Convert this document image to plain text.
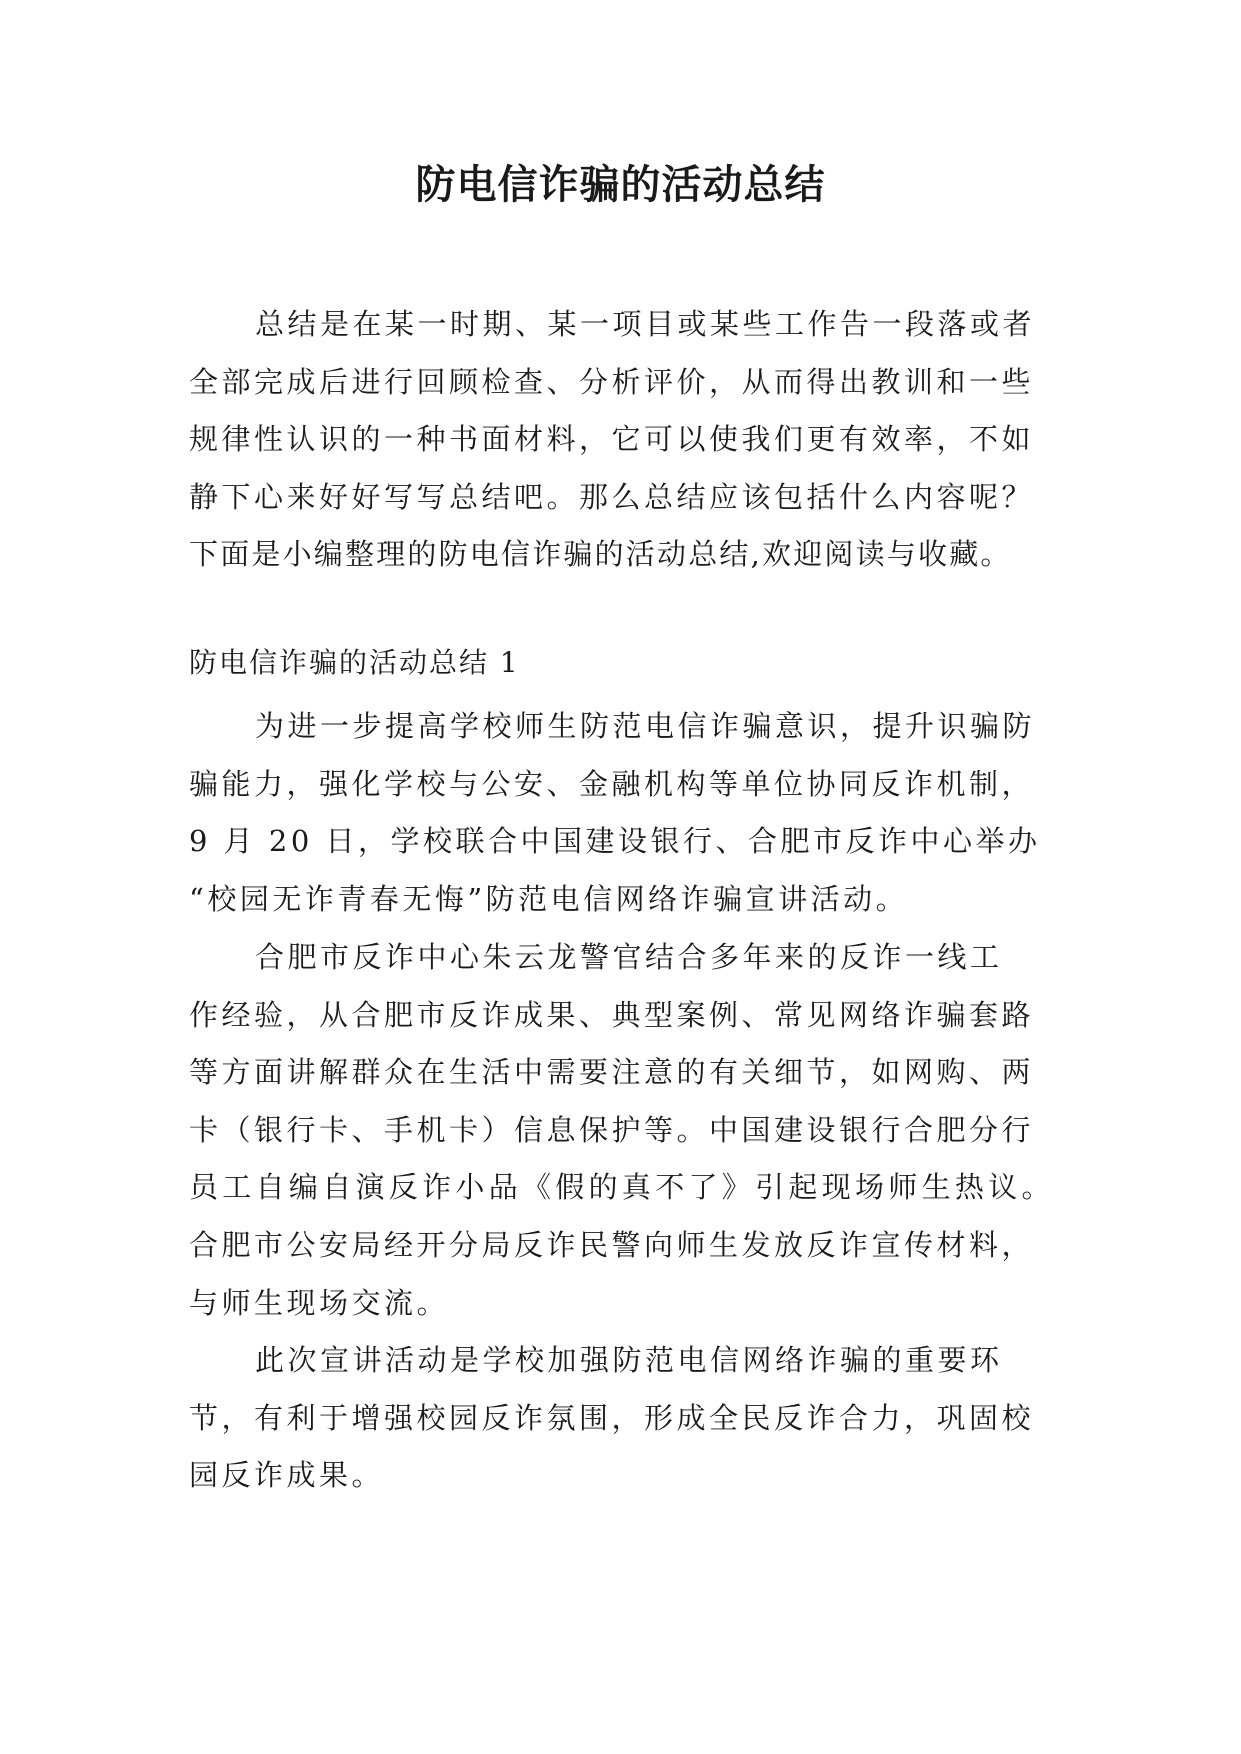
防电信诈骗的活动总结
总结是在某一时期、某一项目或某些工作告一段落或者
全部完成后进行回顾检查、分析评价，从而得出教训和一些
规律性认识的一种书面材料，它可以使我们更有效率，不如
静下心来好好写写总结吧。那么总结应该包括什么内容呢？
下面是小编整理的防电信诈骗的活动总结,欢迎阅读与收藏。
防电信诈骗的活动总结 1
为进一步提高学校师生防范电信诈骗意识，提升识骗防
骗能力，强化学校与公安、金融机构等单位协同反诈机制，
9 月 20 日，学校联合中国建设银行、合肥市反诈中心举办
“校园无诈青春无悔”防范电信网络诈骗宣讲活动。
合肥市反诈中心朱云龙警官结合多年来的反诈一线工
作经验，从合肥市反诈成果、典型案例、常见网络诈骗套路
等方面讲解群众在生活中需要注意的有关细节，如网购、两
卡（银行卡、手机卡）信息保护等。中国建设银行合肥分行
员工自编自演反诈小品《假的真不了》引起现场师生热议。
合肥市公安局经开分局反诈民警向师生发放反诈宣传材料，
与师生现场交流。
此次宣讲活动是学校加强防范电信网络诈骗的重要环
节，有利于增强校园反诈氛围，形成全民反诈合力，巩固校
园反诈成果。
